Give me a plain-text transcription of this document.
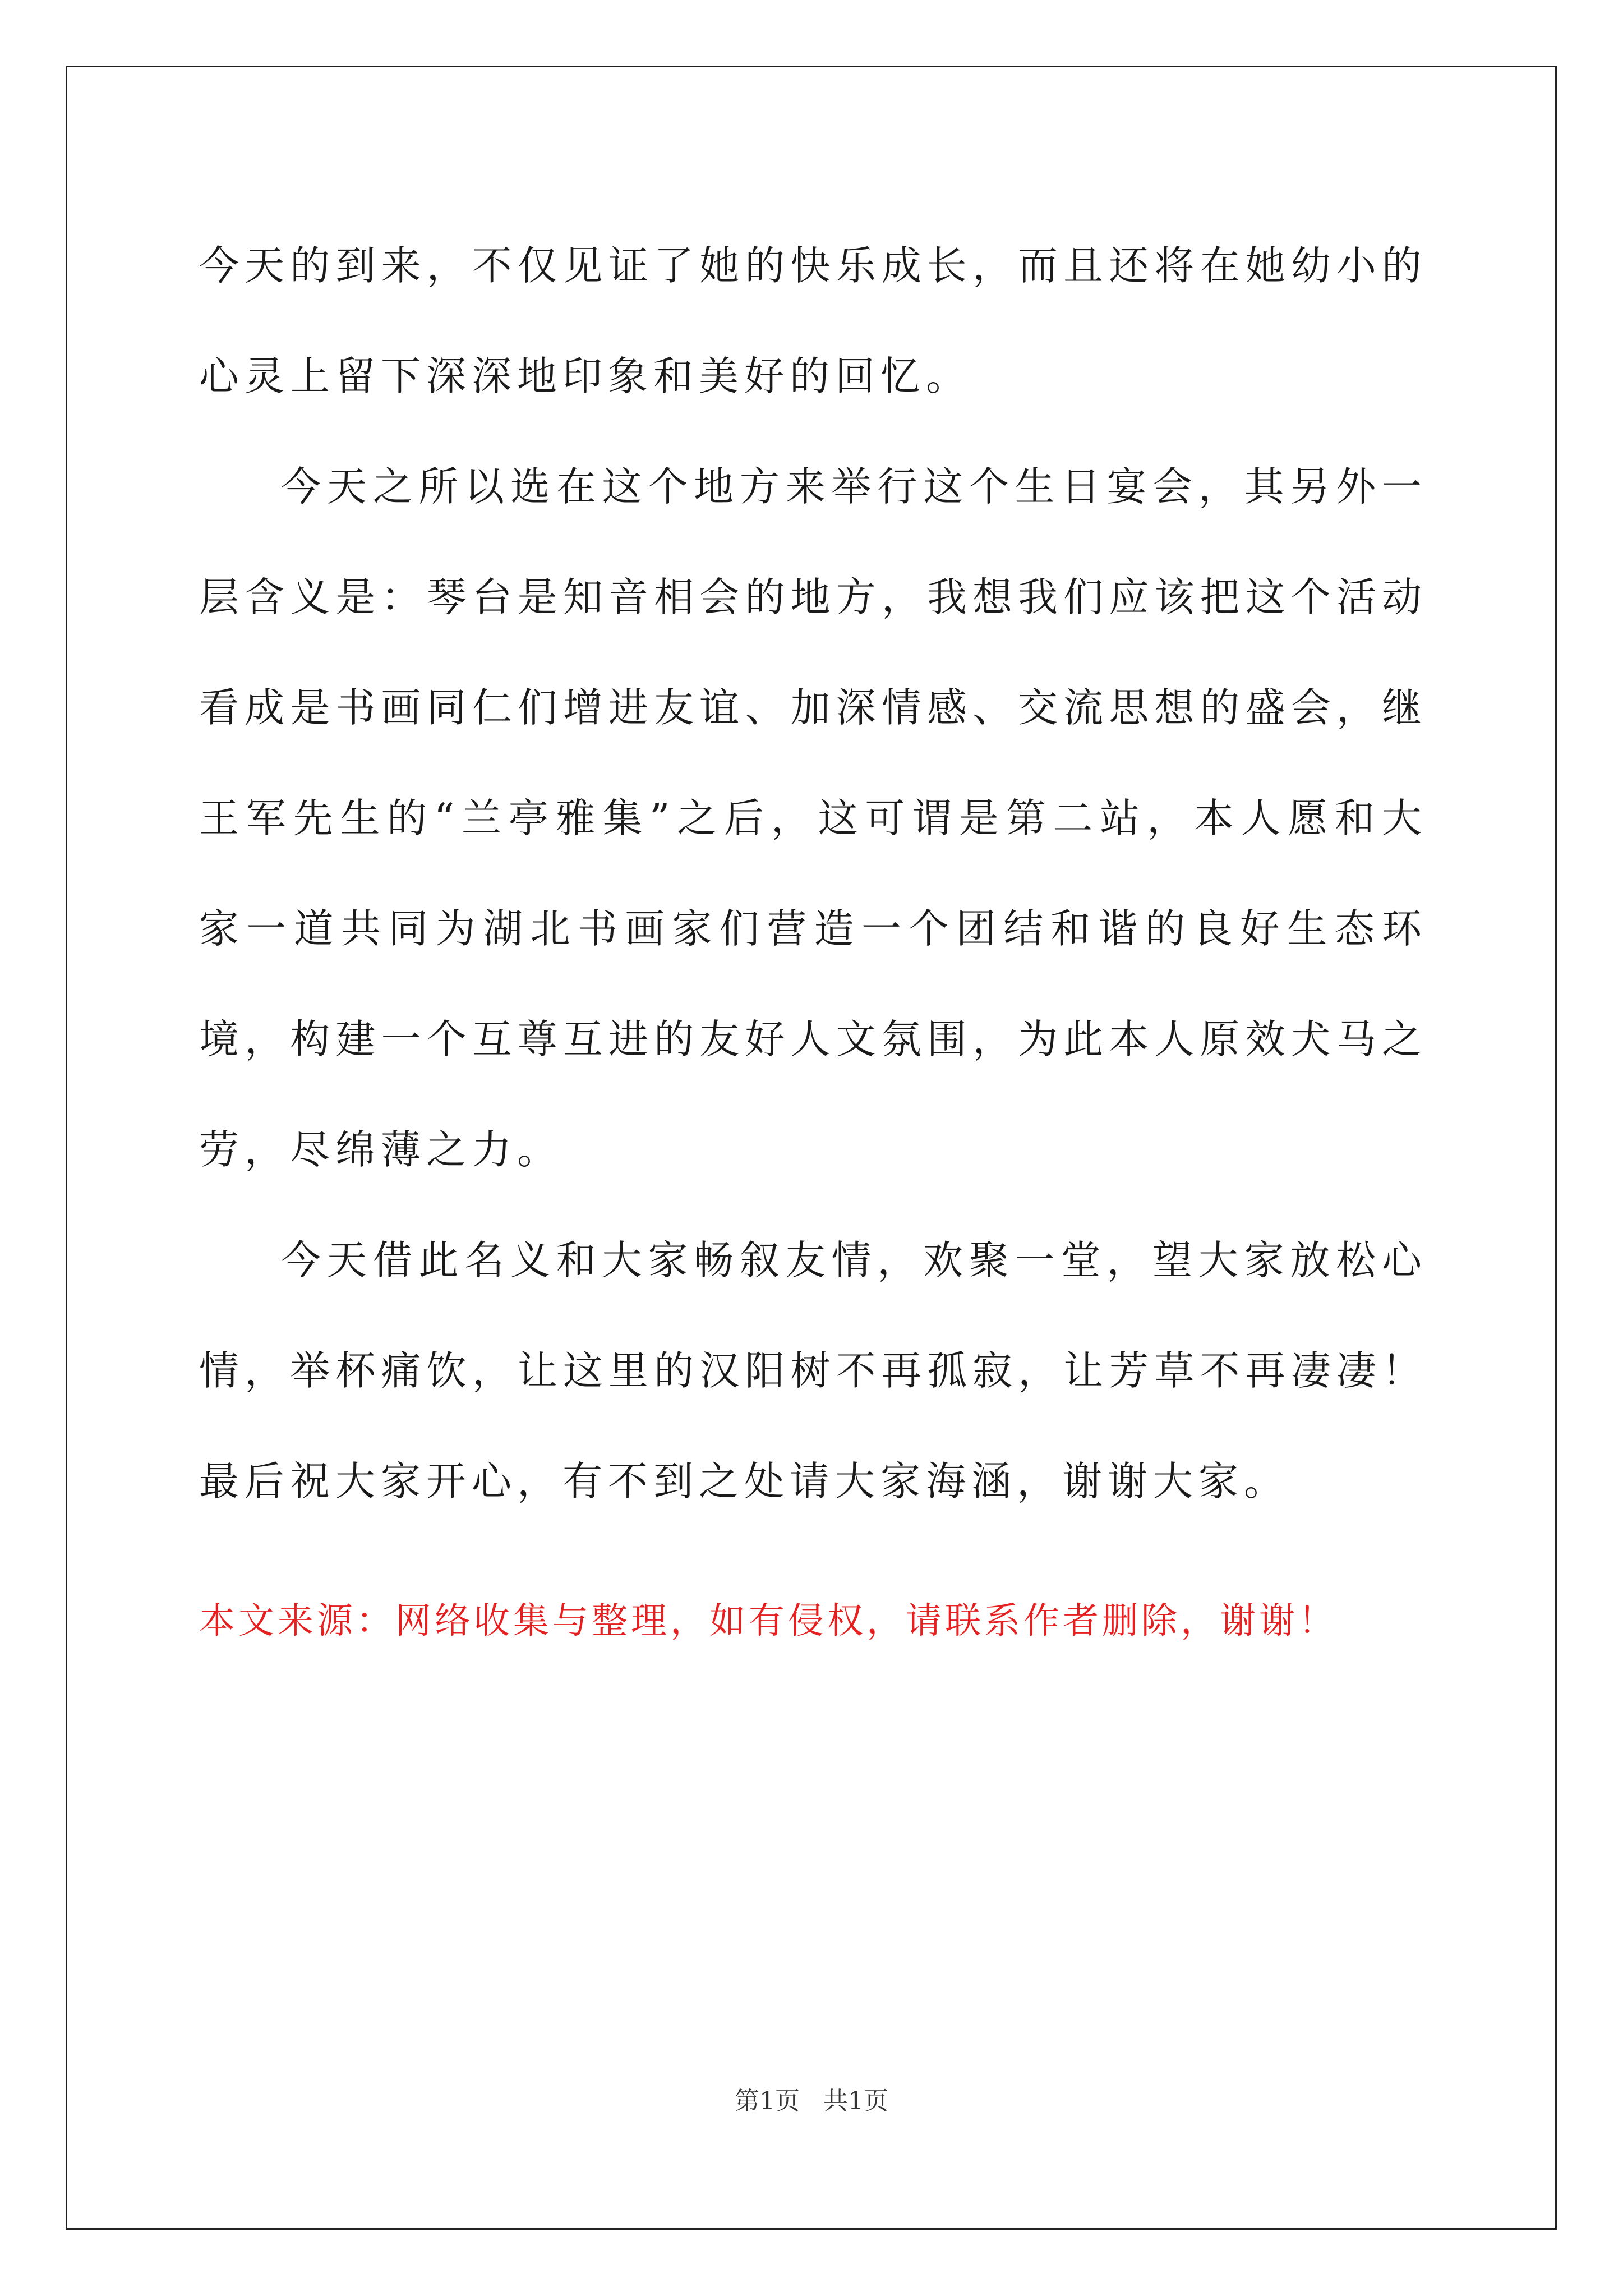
今天的到来，不仅见证了她的快乐成长，而且还将在她幼小的心灵上留下深深地印象和美好的回忆。

今天之所以选在这个地方来举行这个生日宴会，其另外一层含义是：琴台是知音相会的地方，我想我们应该把这个活动看成是书画同仁们增进友谊、加深情感、交流思想的盛会，继王军先生的“兰亭雅集”之后，这可谓是第二站，本人愿和大家一道共同为湖北书画家们营造一个团结和谐的良好生态环境，构建一个互尊互进的友好人文氛围，为此本人原效犬马之劳，尽绵薄之力。

今天借此名义和大家畅叙友情，欢聚一堂，望大家放松心情，举杯痛饮，让这里的汉阳树不再孤寂，让芳草不再凄凄！最后祝大家开心，有不到之处请大家海涵，谢谢大家。

本文来源：网络收集与整理，如有侵权，请联系作者删除，谢谢！

第1页   共1页
